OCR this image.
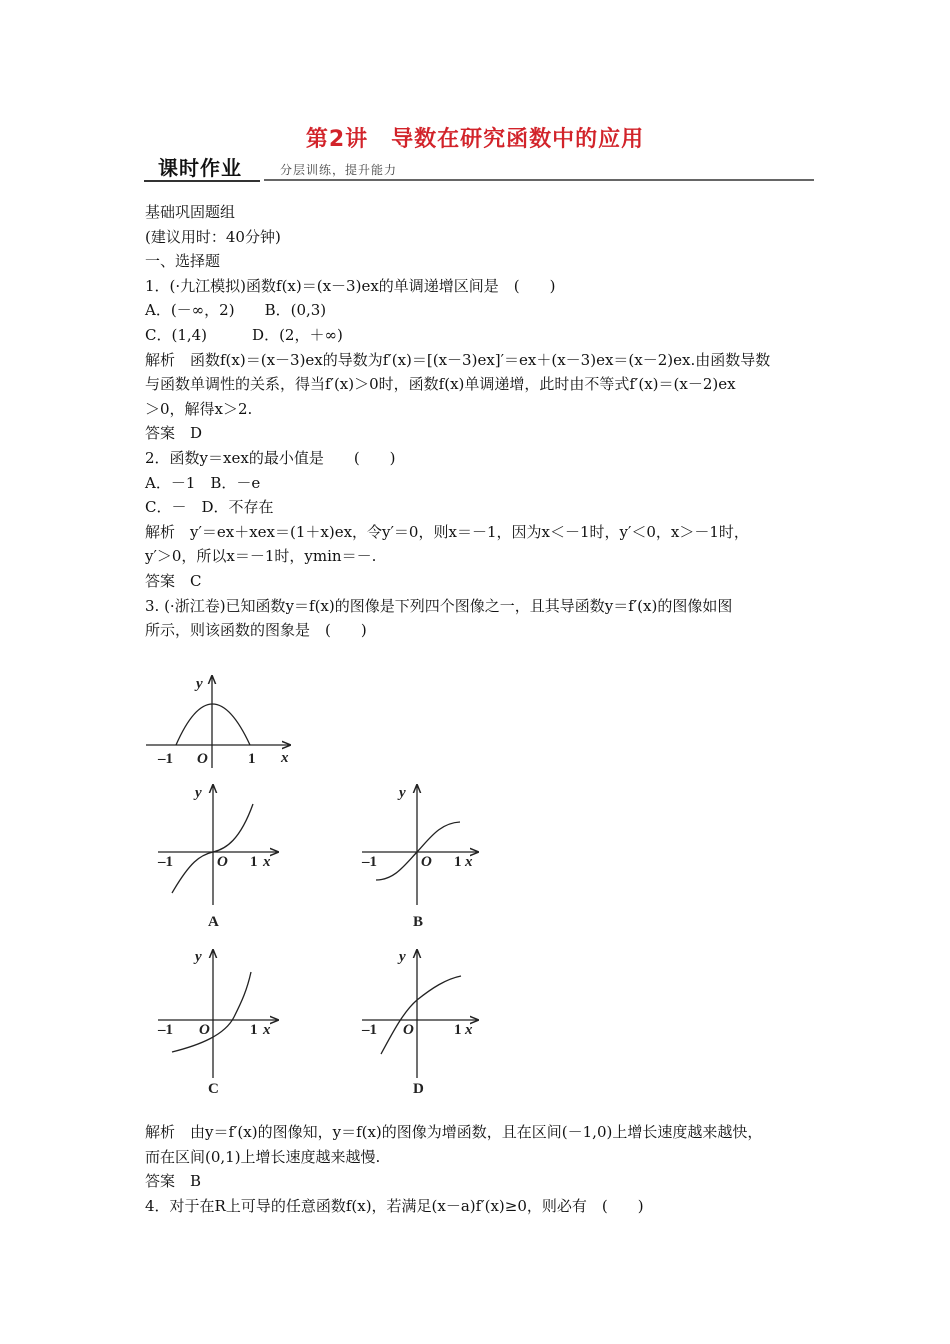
第2讲　导数在研究函数中的应用
课时作业	分层训练，提升能力
基础巩固题组
(建议用时：40分钟)
一、选择题
1．(·九江模拟)函数f(x)＝(x－3)ex的单调递增区间是　(　　)
A．(－∞，2)　　B．(0,3)
C．(1,4)　　　D．(2，＋∞)
解析　函数f(x)＝(x－3)ex的导数为f′(x)＝[(x－3)ex]′＝ex＋(x－3)ex＝(x－2)ex.由函数导数
与函数单调性的关系，得当f′(x)＞0时，函数f(x)单调递增，此时由不等式f′(x)＝(x－2)ex
＞0，解得x＞2.
答案　D
2．函数y＝xex的最小值是　　(　　)
A．－1　B．－e
C．－　D．不存在
解析　y′＝ex＋xex＝(1＋x)ex，令y′＝0，则x＝－1，因为x＜－1时，y′＜0，x＞－1时，
y′＞0，所以x＝－1时，ymin＝－.
答案　C
3. (·浙江卷)已知函数y＝f(x)的图像是下列四个图像之一，且其导函数y＝f′(x)的图像如图
所示，则该函数的图象是　(　　)
y
x
O
–1	1
y
x
O
–1	1
A
y
x
O
–1	1
B
y
x
O
–1	1
C
y
x
O
–1	1
D
解析　由y＝f′(x)的图像知，y＝f(x)的图像为增函数，且在区间(－1,0)上增长速度越来越快，
而在区间(0,1)上增长速度越来越慢.
答案　B
4．对于在R上可导的任意函数f(x)，若满足(x－a)f′(x)≥0，则必有　(　　)
